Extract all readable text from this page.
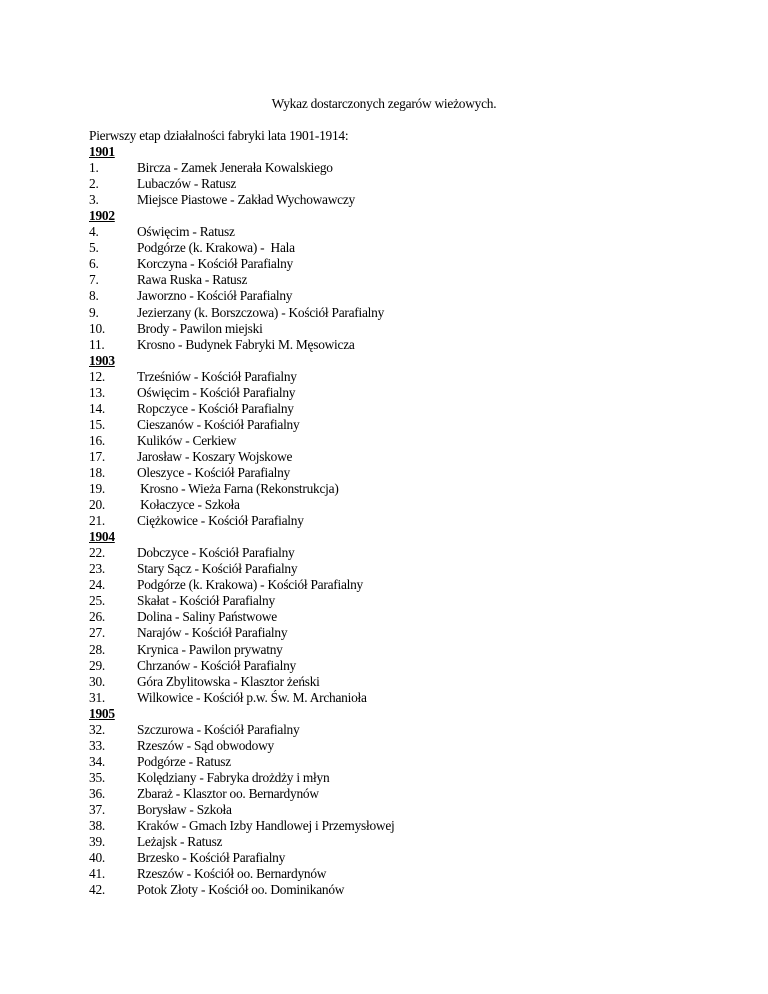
Wykaz dostarczonych zegarów wieżowych.
Pierwszy etap działalności fabryki lata 1901-1914:
1901
1.	Bircza - Zamek Jenerała Kowalskiego
2.	Lubaczów - Ratusz
3.	Miejsce Piastowe - Zakład Wychowawczy
1902
4.	Oświęcim - Ratusz
5.	Podgórze (k. Krakowa) -  Hala
6.	Korczyna - Kościół Parafialny
7.	Rawa Ruska - Ratusz
8.	Jaworzno - Kościół Parafialny
9.	Jezierzany (k. Borszczowa) - Kościół Parafialny
10. Brody - Pawilon miejski
11. Krosno - Budynek Fabryki M. Męsowicza
1903
12. Trześniów - Kościół Parafialny
13. Oświęcim - Kościół Parafialny
14. Ropczyce - Kościół Parafialny
15. Cieszanów - Kościół Parafialny
16. Kulików - Cerkiew
17. Jarosław - Koszary Wojskowe
18. Oleszyce - Kościół Parafialny
19. Krosno - Wieża Farna (Rekonstrukcja)
20. Kołaczyce - Szkoła
21. Ciężkowice - Kościół Parafialny
1904
22. Dobczyce - Kościół Parafialny
23. Stary Sącz - Kościół Parafialny
24. Podgórze (k. Krakowa) - Kościół Parafialny
25. Skałat - Kościół Parafialny
26. Dolina - Saliny Państwowe
27. Narajów - Kościół Parafialny
28. Krynica - Pawilon prywatny
29. Chrzanów - Kościół Parafialny
30. Góra Zbylitowska - Klasztor żeński
31. Wilkowice - Kościół p.w. Św. M. Archanioła
1905
32. Szczurowa - Kościół Parafialny
33. Rzeszów - Sąd obwodowy
34. Podgórze - Ratusz
35. Kolędziany - Fabryka drożdży i młyn
36. Zbaraż - Klasztor oo. Bernardynów
37. Borysław - Szkoła
38. Kraków - Gmach Izby Handlowej i Przemysłowej
39. Leżajsk - Ratusz
40. Brzesko - Kościół Parafialny
41. Rzeszów - Kościół oo. Bernardynów
42. Potok Złoty - Kościół oo. Dominikanów
